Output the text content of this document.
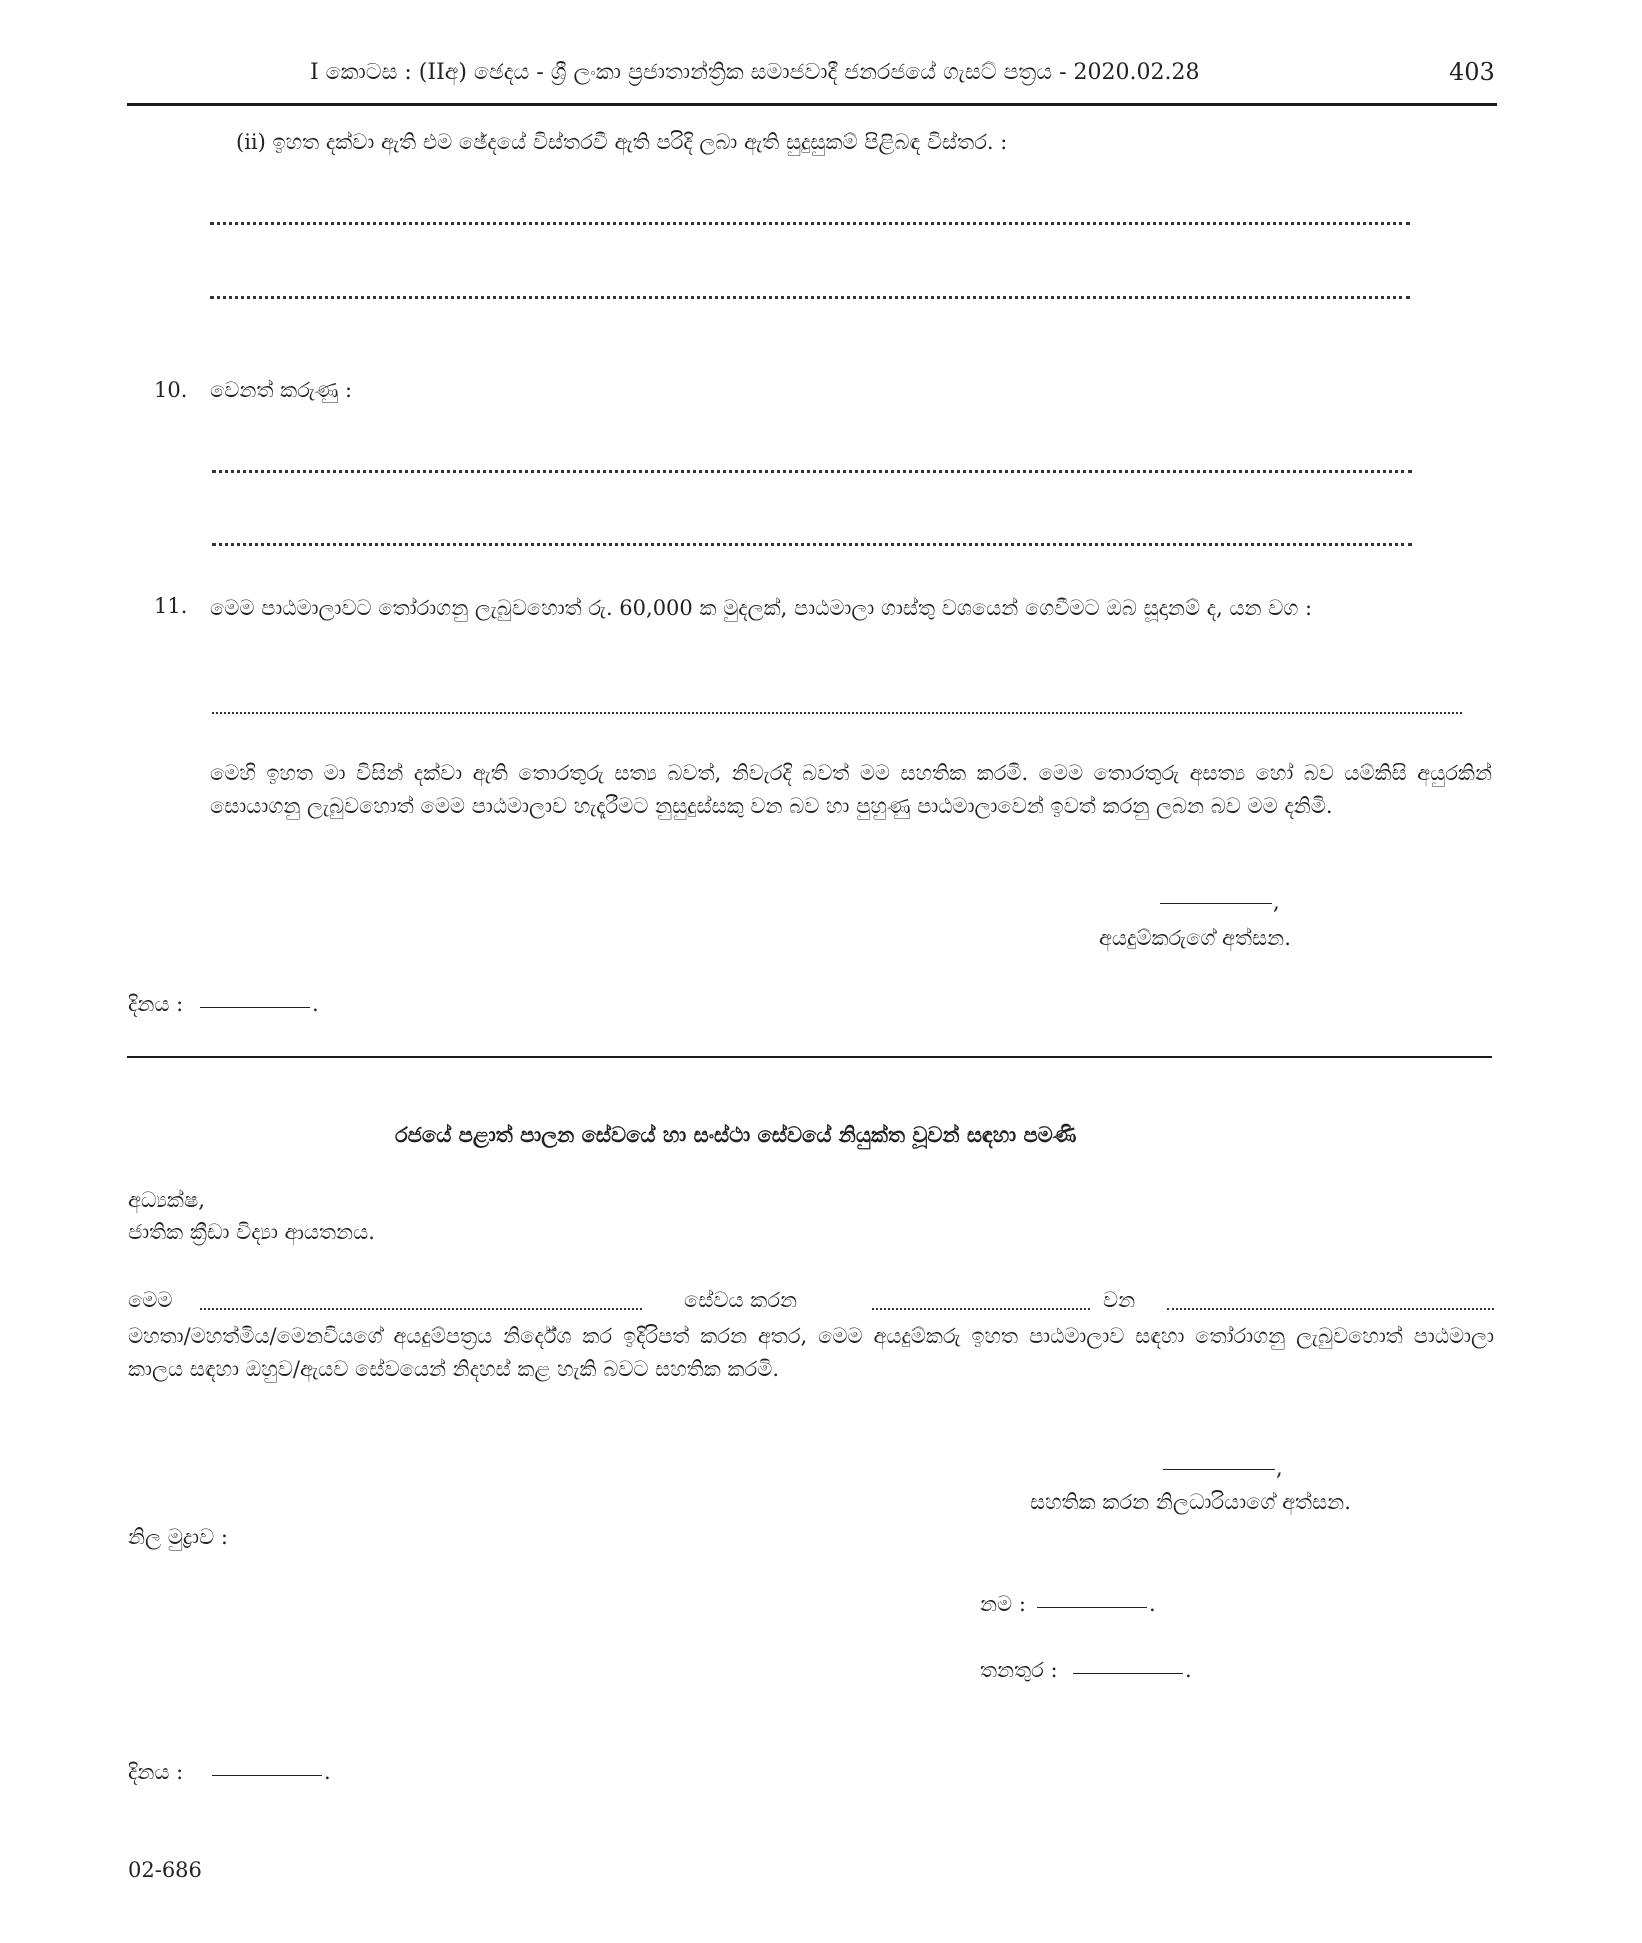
I කොටස : (IIඅ) ඡෙදය - ශ්‍රී ලංකා ප්‍රජාතාන්ත්‍රික සමාජවාදී ජනරජයේ ගැසට් පත්‍රය - 2020.02.28	403
(ii) ඉහත දක්වා ඇති එම ඡේදයේ විස්තරවී ඇති පරිදි ලබා ඇති සුදුසුකම් පිළිබඳ විස්තර. :
10. වෙනත් කරුණු :
11. මෙම පාඨමාලාවට තෝරාගනු ලැබුවහොත් රු. 60,000 ක මුදලක්, පාඨමාලා ගාස්තු වශයෙන් ගෙවීමට ඔබ සූදානම් ද, යන වග :
මෙහි ඉහත මා විසින් දක්වා ඇති තොරතුරු සත්‍ය බවත්, නිවැරදි බවත් මම සහතික කරමි. මෙම තොරතුරු අසත්‍ය හෝ බව යම්කිසි අයුරකින් සොයාගනු ලැබුවහොත් මෙම පාඨමාලාව හැදෑරීමට නුසුදුස්සකු වන බව හා පුහුණු පාඨමාලාවෙන් ඉවත් කරනු ලබන බව මම දනිමි.
,
අයදුම්කරුගේ අත්සන.
දිනය :	.
රජයේ පළාත් පාලන සේවයේ හා සංස්ථා සේවයේ නියුක්ත වූවන් සඳහා පමණි
අධ්‍යක්ෂ,
ජාතික ක්‍රීඩා විද්‍යා ආයතනය.
මෙම	සේවය කරන	වන
මහතා/මහත්මිය/මෙනවියගේ අයදුම්පත්‍රය නිර්දේශ කර ඉදිරිපත් කරන අතර, මෙම අයදුම්කරු ඉහත පාඨමාලාව සඳහා තෝරාගනු ලැබුවහොත් පාඨමාලා කාලය සඳහා ඔහුව/ඇයව සේවයෙන් නිදහස් කළ හැකි බවට සහතික කරමි.
,
සහතික කරන නිලධාරියාගේ අත්සන.
නිල මුද්‍රාව :
නම :	.
තනතුර :	.
දිනය :	.
02-686
